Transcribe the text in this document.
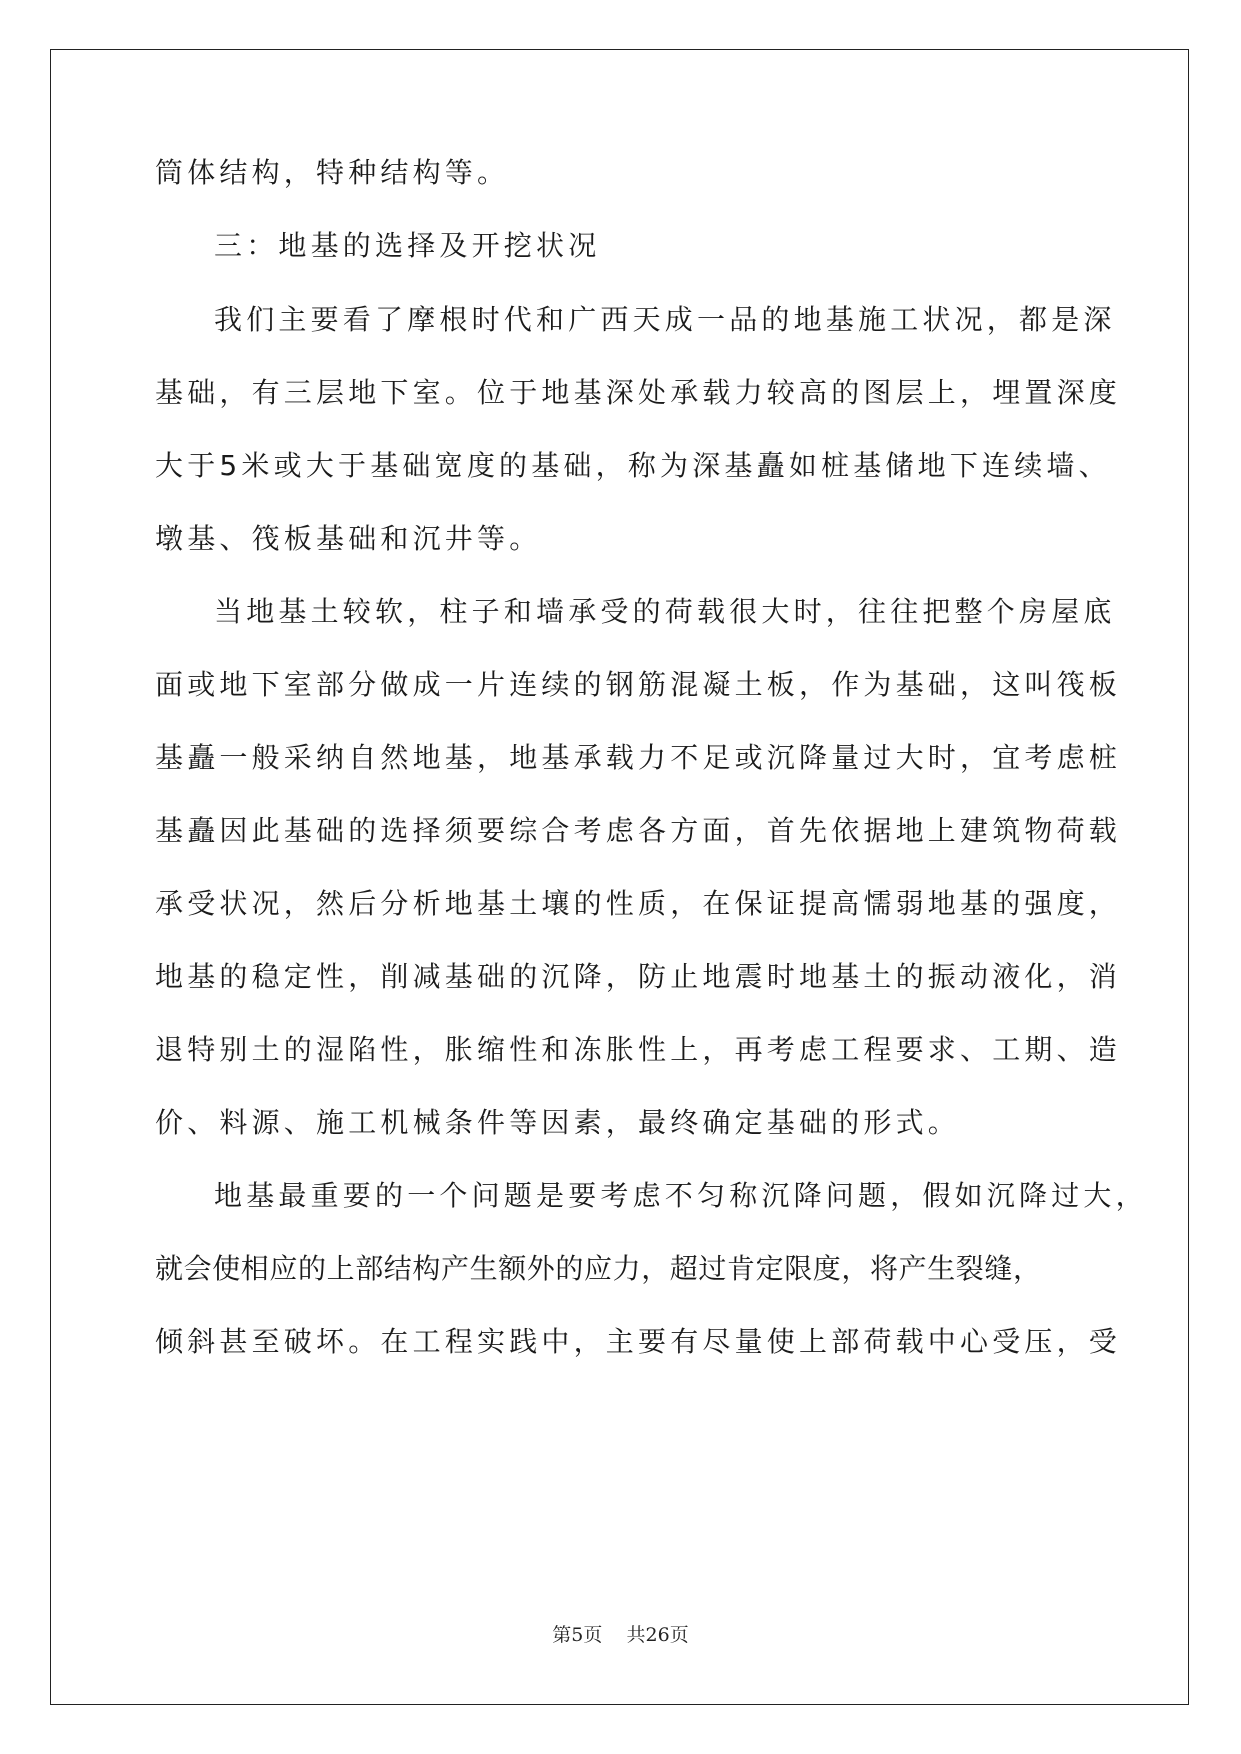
筒体结构，特种结构等。
三：地基的选择及开挖状况
我们主要看了摩根时代和广西天成一品的地基施工状况，都是深
基础，有三层地下室。位于地基深处承载力较高的图层上，埋置深度
大于5米或大于基础宽度的基础，称为深基矗如桩基储地下连续墙、
墩基、筏板基础和沉井等。
当地基土较软，柱子和墙承受的荷载很大时，往往把整个房屋底
面或地下室部分做成一片连续的钢筋混凝土板，作为基础，这叫筏板
基矗一般采纳自然地基，地基承载力不足或沉降量过大时，宜考虑桩
基矗因此基础的选择须要综合考虑各方面，首先依据地上建筑物荷载
承受状况，然后分析地基土壤的性质，在保证提高懦弱地基的强度，
地基的稳定性，削减基础的沉降，防止地震时地基土的振动液化，消
退特别土的湿陷性，胀缩性和冻胀性上，再考虑工程要求、工期、造
价、料源、施工机械条件等因素，最终确定基础的形式。
地基最重要的一个问题是要考虑不匀称沉降问题，假如沉降过大，
就会使相应的上部结构产生额外的应力，超过肯定限度，将产生裂缝，
倾斜甚至破坏。在工程实践中，主要有尽量使上部荷载中心受压，受
第5页 共26页
